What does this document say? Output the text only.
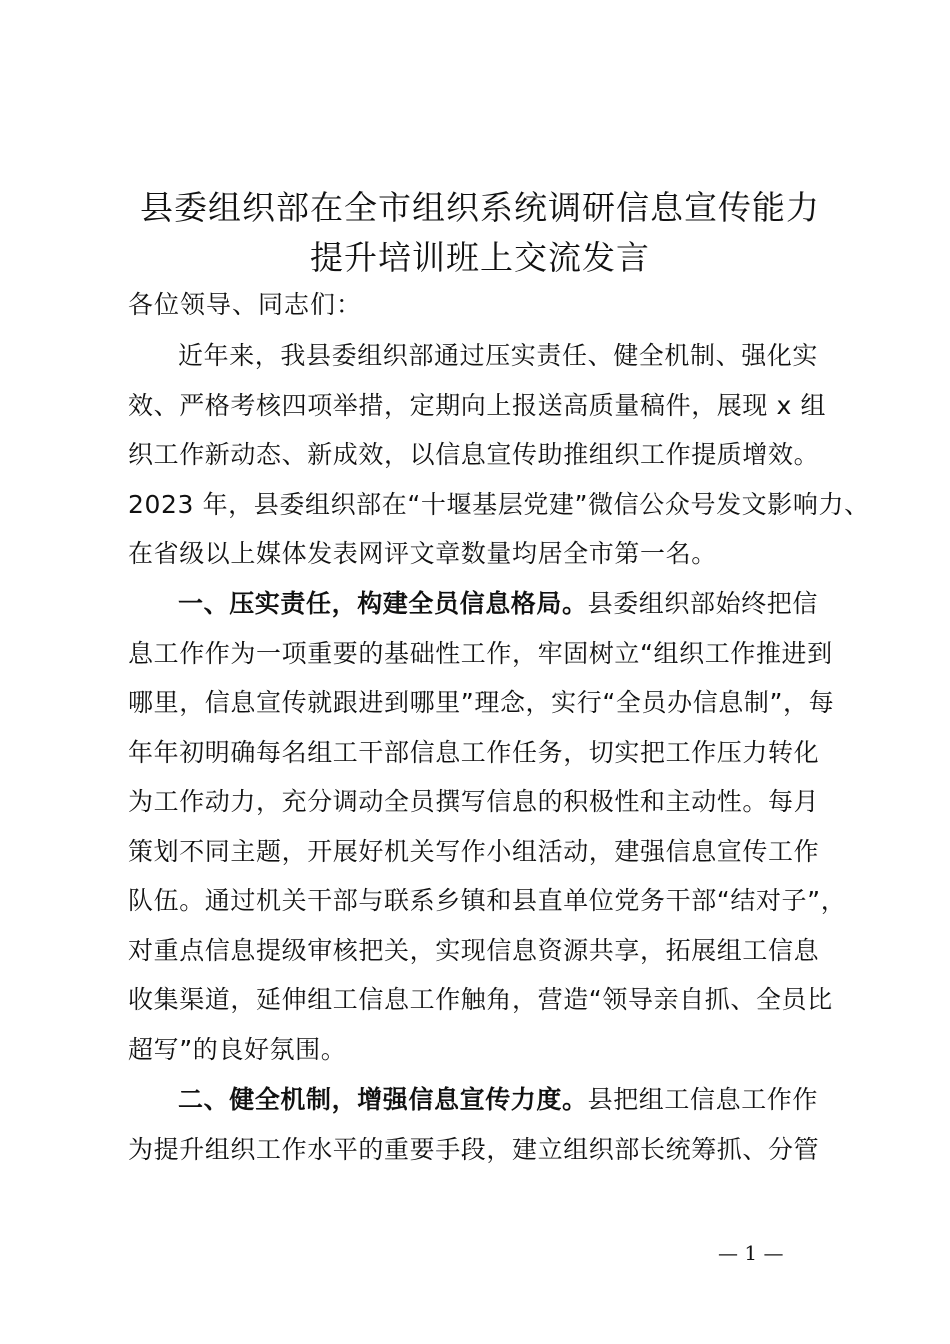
县委组织部在全市组织系统调研信息宣传能力
提升培训班上交流发言
各位领导、同志们：
近年来，我县委组织部通过压实责任、健全机制、强化实
效、严格考核四项举措，定期向上报送高质量稿件，展现 x 组
织工作新动态、新成效，以信息宣传助推组织工作提质增效。
2023 年，县委组织部在“十堰基层党建”微信公众号发文影响力、
在省级以上媒体发表网评文章数量均居全市第一名。
一、压实责任，构建全员信息格局。县委组织部始终把信
息工作作为一项重要的基础性工作，牢固树立“组织工作推进到
哪里，信息宣传就跟进到哪里”理念，实行“全员办信息制”，每
年年初明确每名组工干部信息工作任务，切实把工作压力转化
为工作动力，充分调动全员撰写信息的积极性和主动性。每月
策划不同主题，开展好机关写作小组活动，建强信息宣传工作
队伍。通过机关干部与联系乡镇和县直单位党务干部“结对子”，
对重点信息提级审核把关，实现信息资源共享，拓展组工信息
收集渠道，延伸组工信息工作触角，营造“领导亲自抓、全员比
超写”的良好氛围。
二、健全机制，增强信息宣传力度。县把组工信息工作作
为提升组织工作水平的重要手段，建立组织部长统筹抓、分管
— 1 —
